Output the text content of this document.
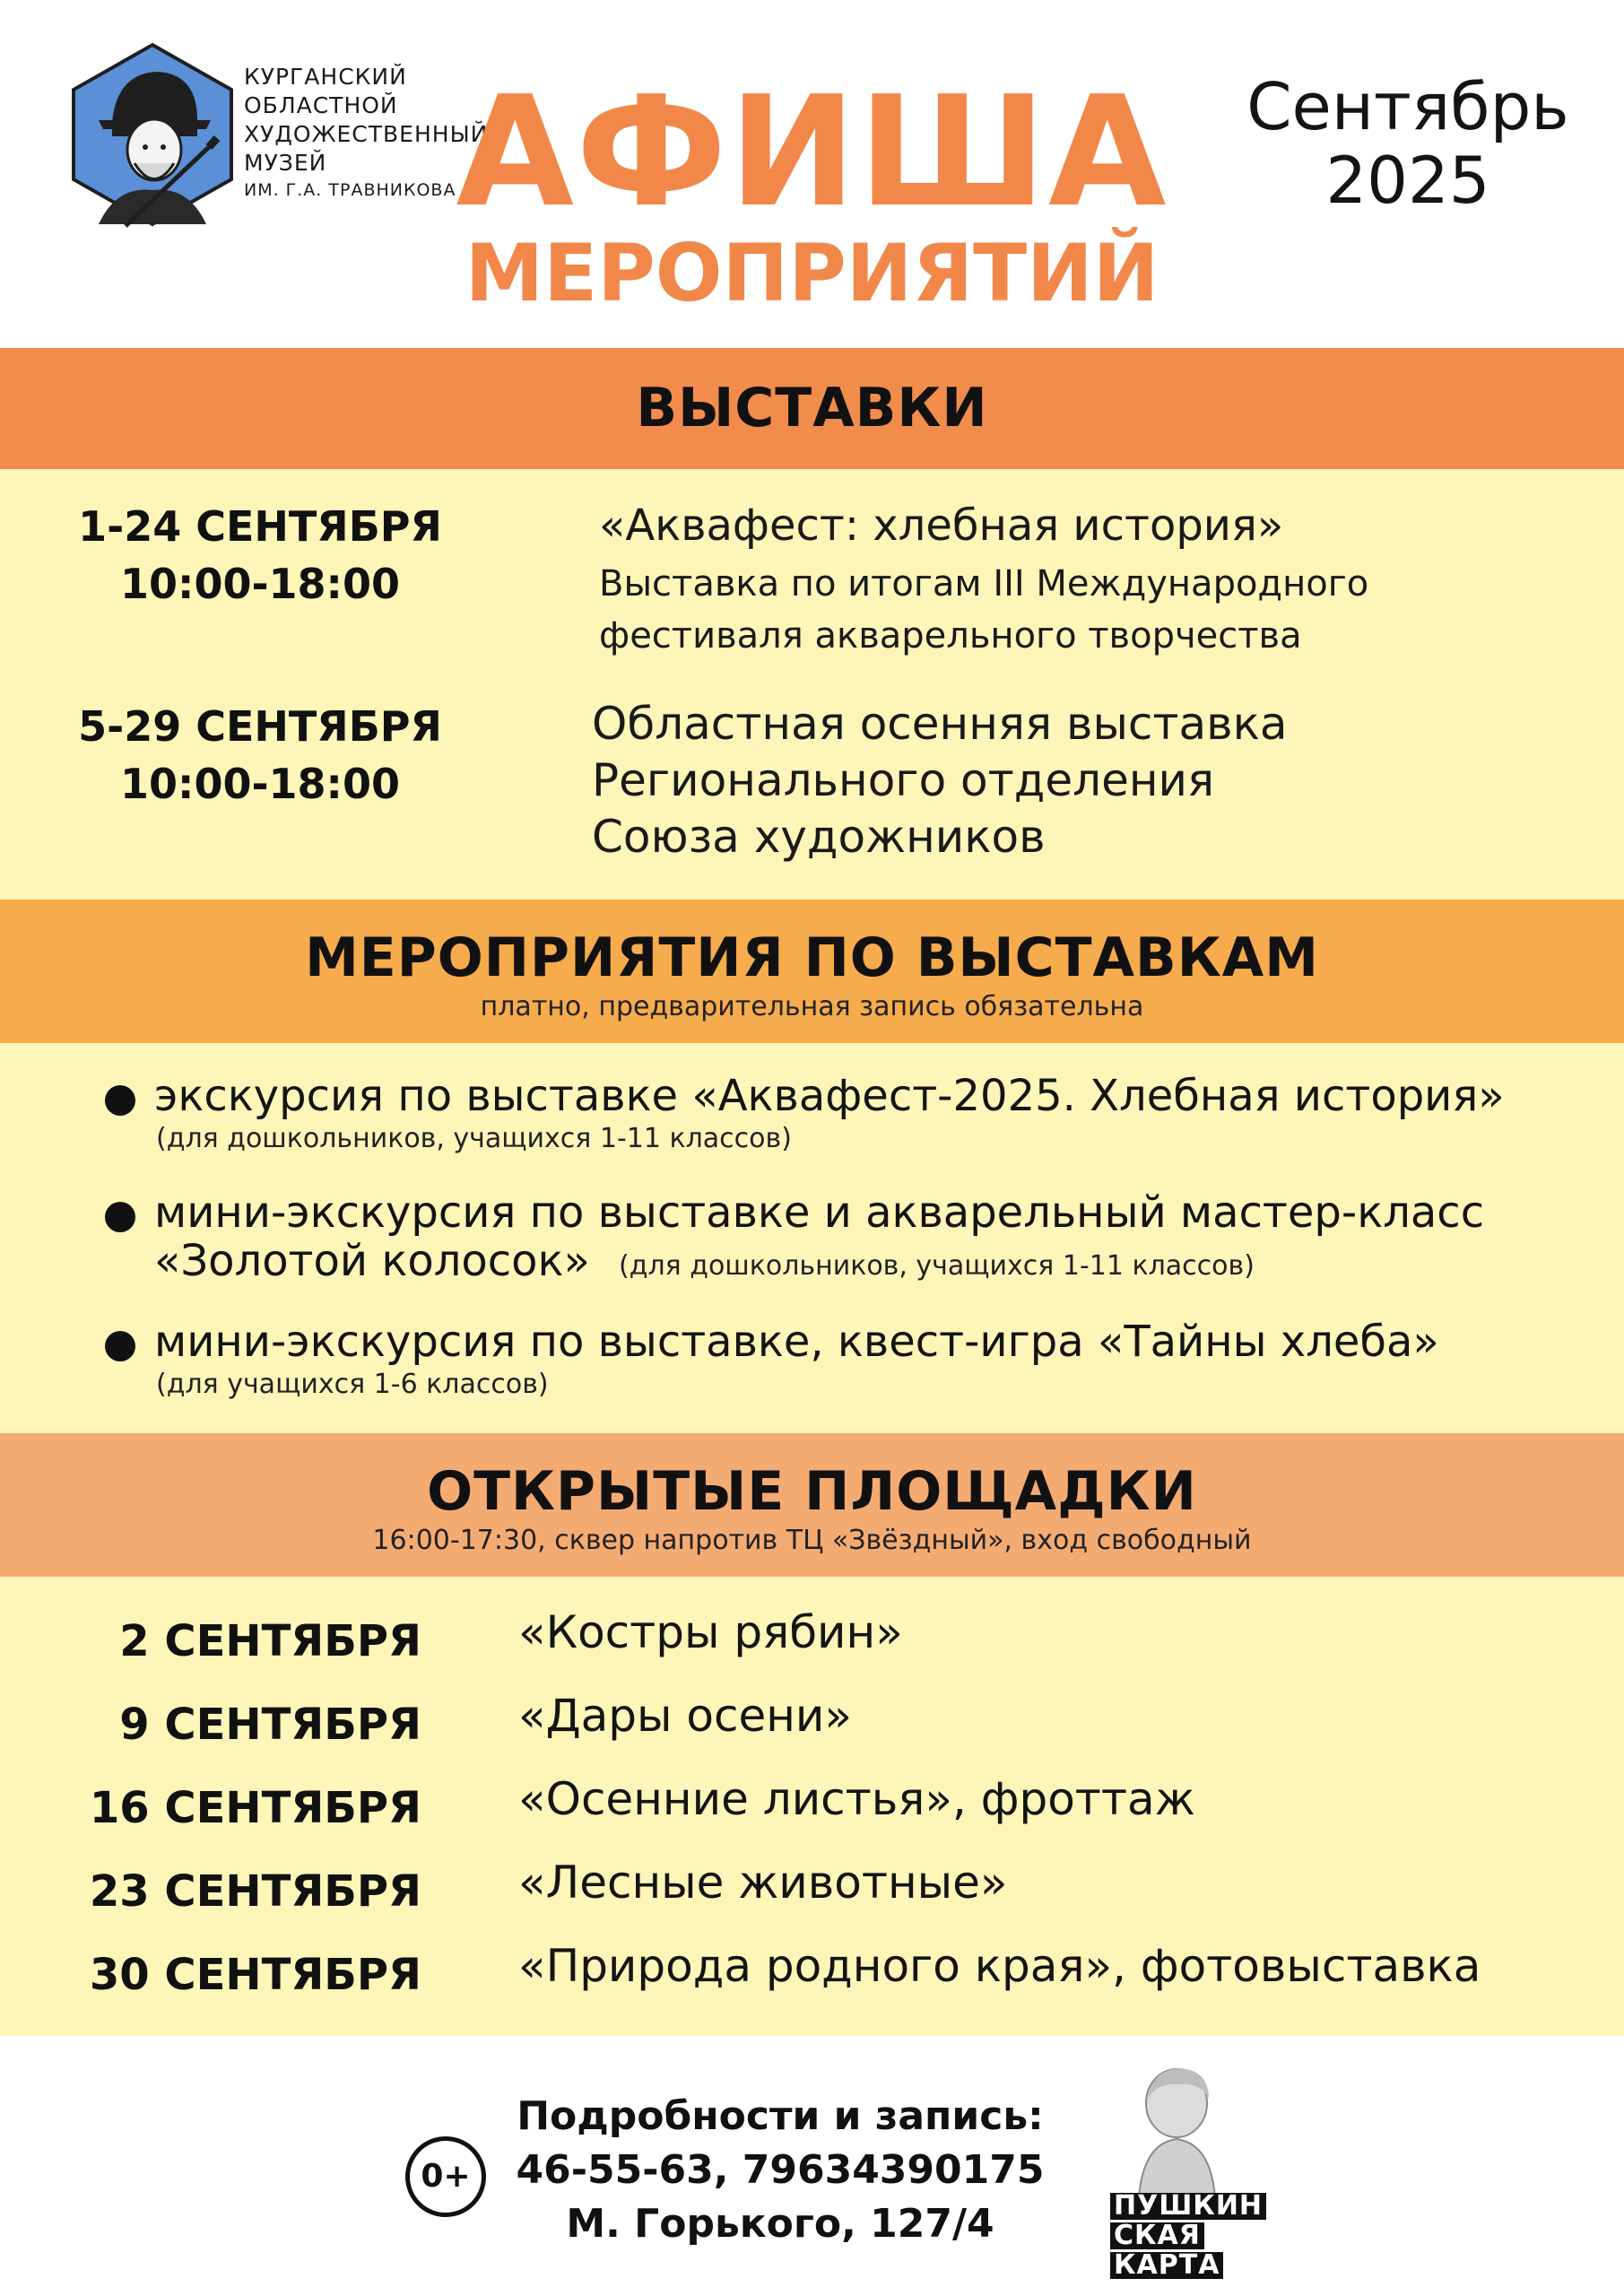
КУРГАНСКИЙ
ОБЛАСТНОЙ
ХУДОЖЕСТВЕННЫЙ
МУЗЕЙ
ИМ. Г.А. ТРАВНИКОВА АФИША
МЕРОПРИЯТИЙ
Сентябрь
2025
ВЫСТАВКИ
1-24 СЕНТЯБРЯ
10:00-18:00
«Аквафест: хлебная история»
Выставка по итогам III Международного
фестиваля акварельного творчества
5-29 СЕНТЯБРЯ
10:00-18:00
Областная осенняя выставка
Регионального отделения
Союза художников
МЕРОПРИЯТИЯ ПО ВЫСТАВКАМ
платно, предварительная запись обязательна
экскурсия по выставке «Аквафест-2025. Хлебная история»
(для дошкольников, учащихся 1-11 классов)
мини-экскурсия по выставке и акварельный мастер-класс
«Золотой колосок» (для дошкольников, учащихся 1-11 классов)
мини-экскурсия по выставке, квест-игра «Тайны хлеба»
(для учащихся 1-6 классов)
ОТКРЫТЫЕ ПЛОЩАДКИ
16:00-17:30, сквер напротив ТЦ «Звёздный», вход свободный
2 СЕНТЯБРЯ «Костры рябин»
9 СЕНТЯБРЯ «Дары осени»
16 СЕНТЯБРЯ «Осенние листья», фроттаж
23 СЕНТЯБРЯ «Лесные животные»
30 СЕНТЯБРЯ «Природа родного края», фотовыставка
0+
Подробности и запись:
46-55-63, 79634390175
М. Горького, 127/4	ПУШКИН
СКАЯ
КАРТА
